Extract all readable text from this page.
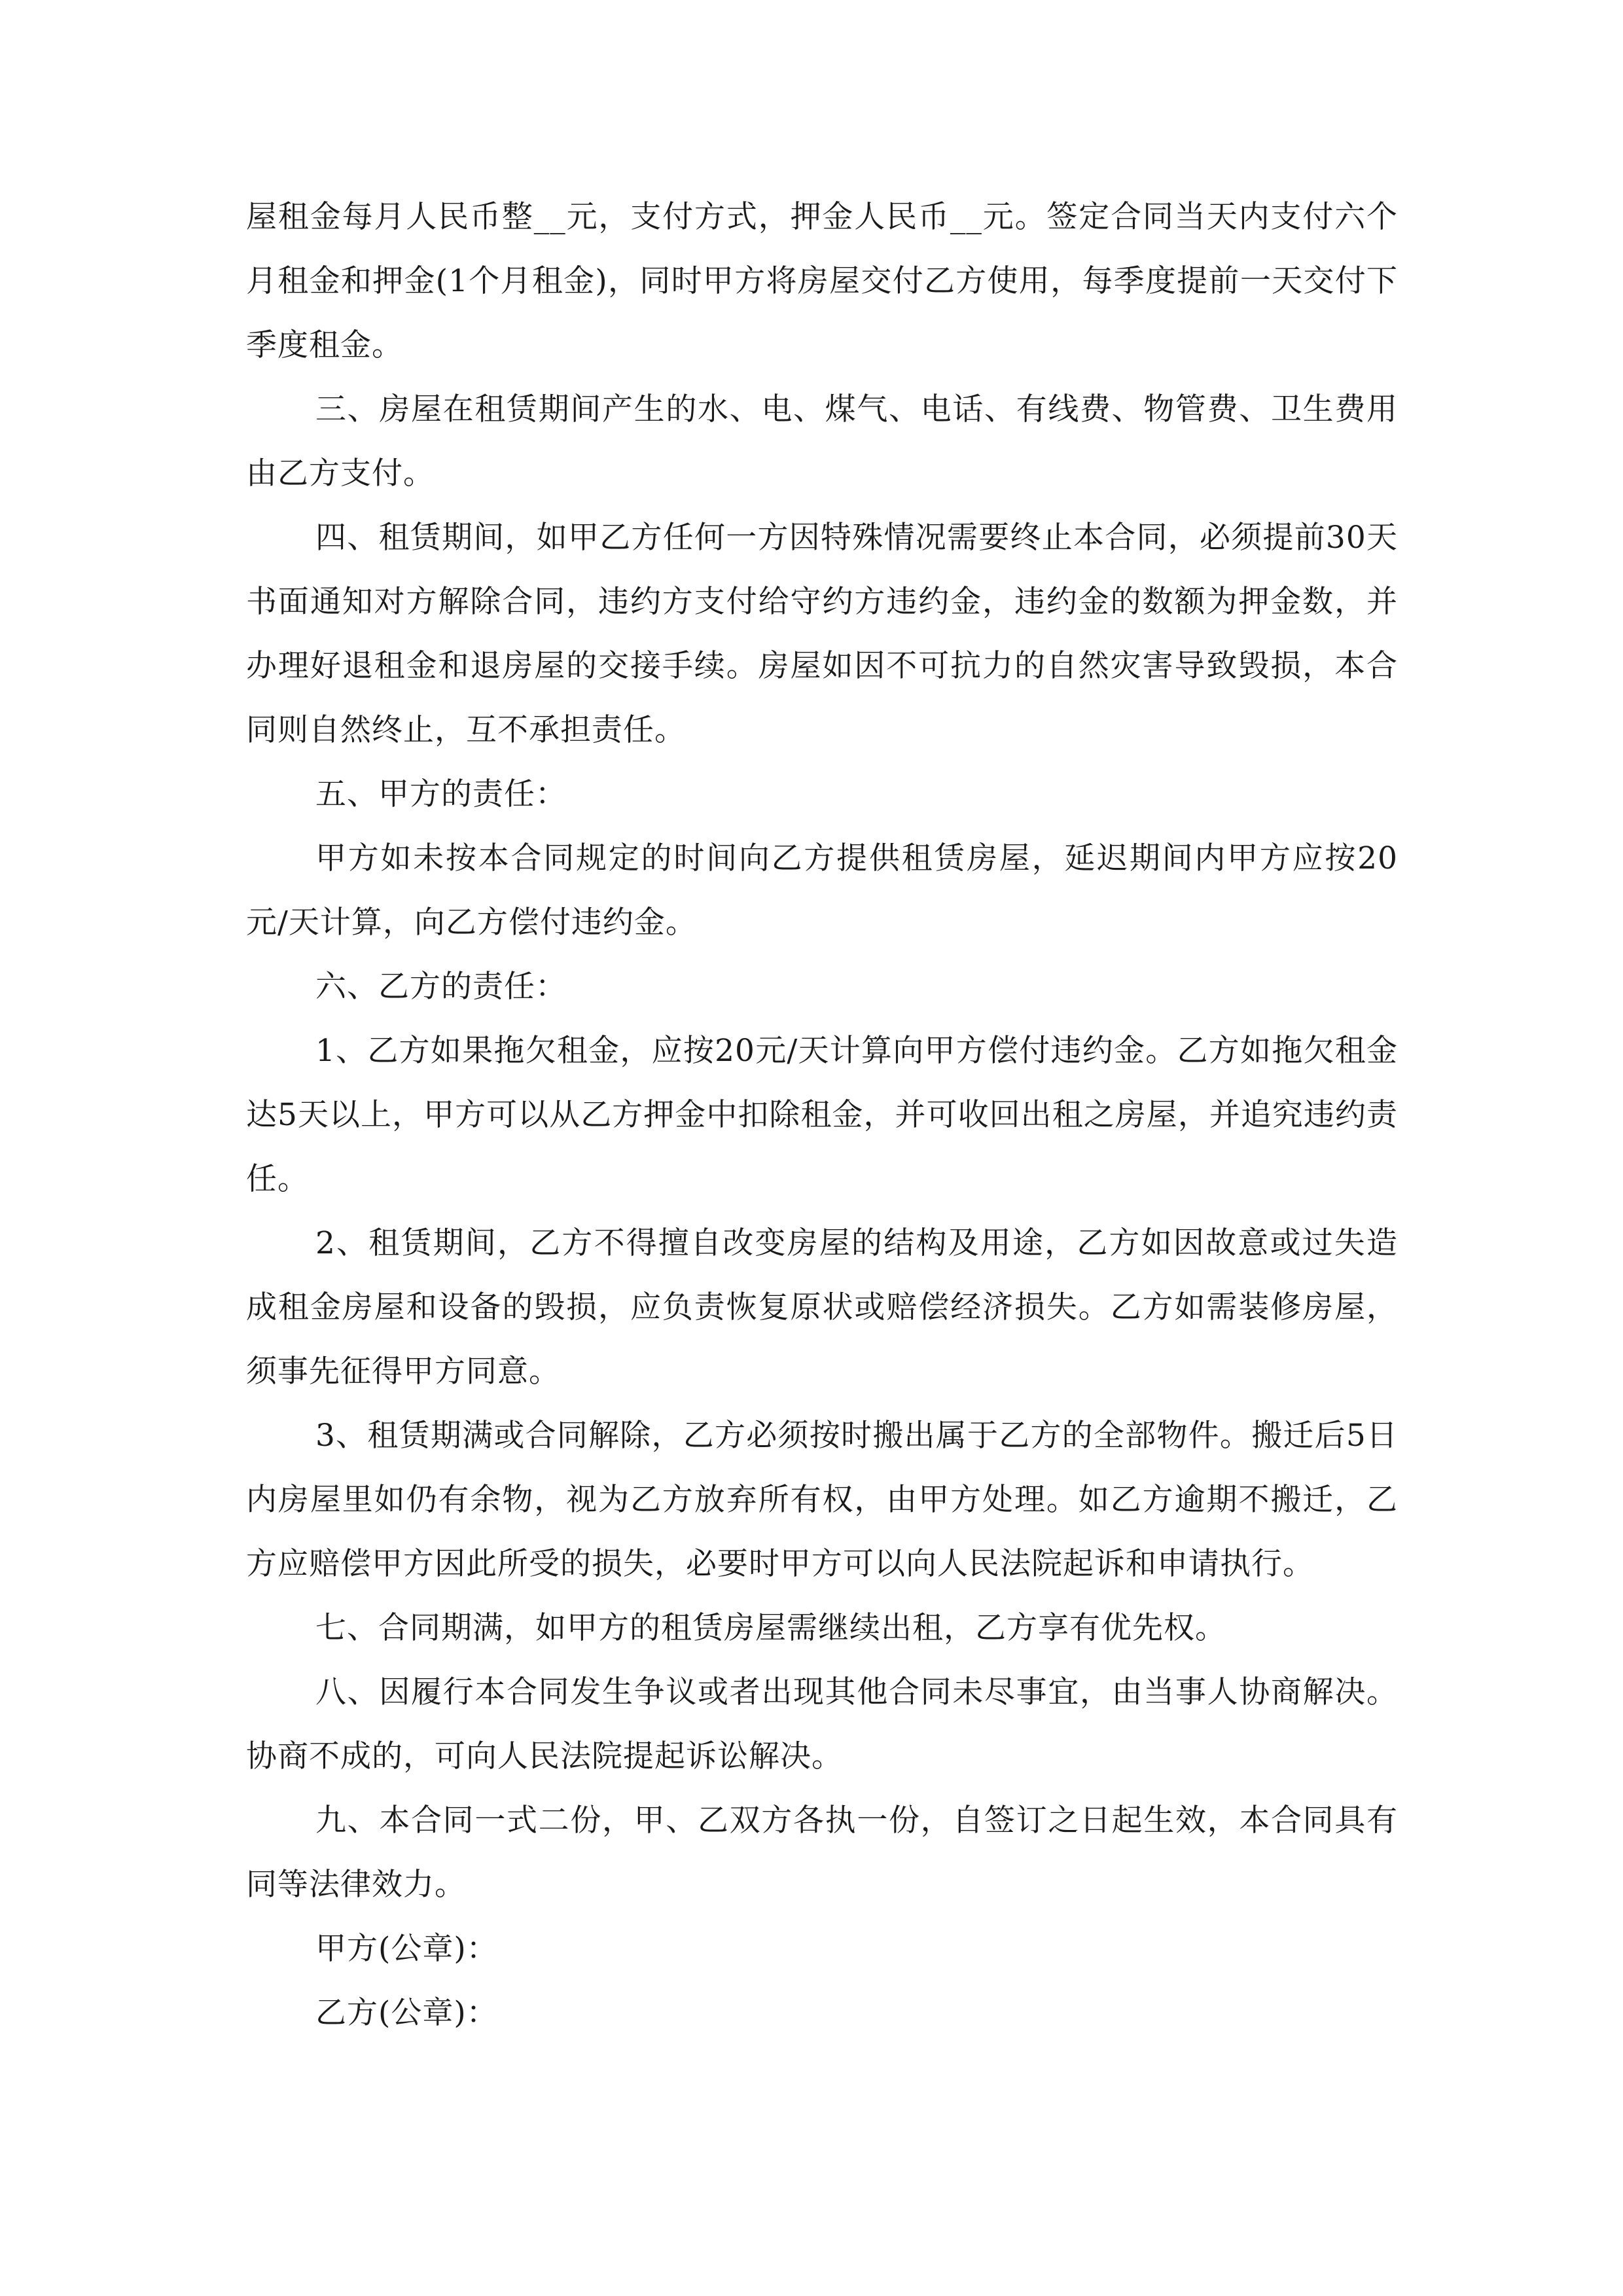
屋租金每月人民币整__元，支付方式，押金人民币__元。签定合同当天内支付六个月租金和押金(1个月租金)，同时甲方将房屋交付乙方使用，每季度提前一天交付下季度租金。

三、房屋在租赁期间产生的水、电、煤气、电话、有线费、物管费、卫生费用由乙方支付。

四、租赁期间，如甲乙方任何一方因特殊情况需要终止本合同，必须提前30天书面通知对方解除合同，违约方支付给守约方违约金，违约金的数额为押金数，并办理好退租金和退房屋的交接手续。房屋如因不可抗力的自然灾害导致毁损，本合同则自然终止，互不承担责任。

五、甲方的责任：

甲方如未按本合同规定的时间向乙方提供租赁房屋，延迟期间内甲方应按20元/天计算，向乙方偿付违约金。

六、乙方的责任：

1、乙方如果拖欠租金，应按20元/天计算向甲方偿付违约金。乙方如拖欠租金达5天以上，甲方可以从乙方押金中扣除租金，并可收回出租之房屋，并追究违约责任。

2、租赁期间，乙方不得擅自改变房屋的结构及用途，乙方如因故意或过失造成租金房屋和设备的毁损，应负责恢复原状或赔偿经济损失。乙方如需装修房屋，须事先征得甲方同意。

3、租赁期满或合同解除，乙方必须按时搬出属于乙方的全部物件。搬迁后5日内房屋里如仍有余物，视为乙方放弃所有权，由甲方处理。如乙方逾期不搬迁，乙方应赔偿甲方因此所受的损失，必要时甲方可以向人民法院起诉和申请执行。

七、合同期满，如甲方的租赁房屋需继续出租，乙方享有优先权。

八、因履行本合同发生争议或者出现其他合同未尽事宜，由当事人协商解决。协商不成的，可向人民法院提起诉讼解决。

九、本合同一式二份，甲、乙双方各执一份，自签订之日起生效，本合同具有同等法律效力。

甲方(公章)：

乙方(公章)：
